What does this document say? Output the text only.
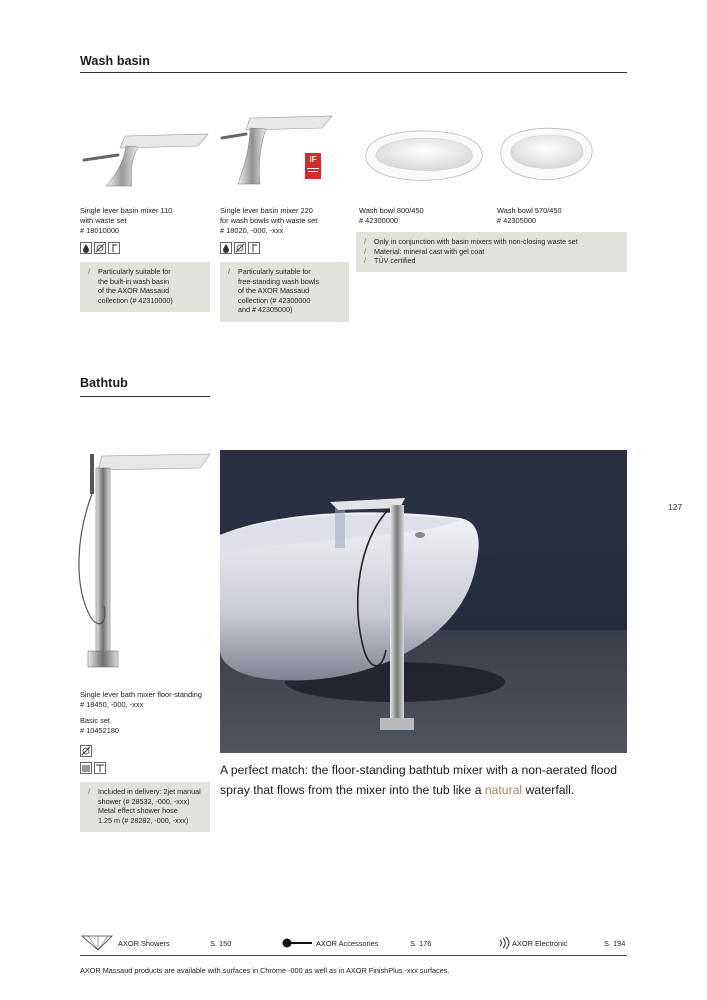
Wash basin
iF
Single lever basin mixer 110
with waste set
# 18010000
Single lever basin mixer 220
for wash bowls with waste set
# 18020, -000, -xxx
Wash bowl 800/450
# 42300000
Wash bowl 570/450
# 42305000
/ Particularly suitable for
the built-in wash basin
of the AXOR Massaud
collection (# 42310000)
/ Particularly suitable for
free-standing wash bowls
of the AXOR Massaud
collection (# 42300000
and # 42305000)
/ Only in conjunction with basin mixers with non-closing waste set
/ Material: mineral cast with gel coat
/ TÜV certified
Bathtub
127
Single lever bath mixer floor-standing
# 18450, -000, -xxx
Basic set
# 10452180
/ Included in delivery: 2jet manual
shower (# 28532, -000, -xxx)
Metal effect shower hose
1.25 m (# 28282, -000, -xxx)
A perfect match: the floor-standing bathtub mixer with a non-aerated flood
spray that flows from the mixer into the tub like a natural waterfall.
AXOR Showers	S. 150	AXOR Accessories	S. 176	AXOR Electronic	S. 194
AXOR Massaud products are available with surfaces in Chrome -000 as well as in AXOR FinishPlus -xxx surfaces.
